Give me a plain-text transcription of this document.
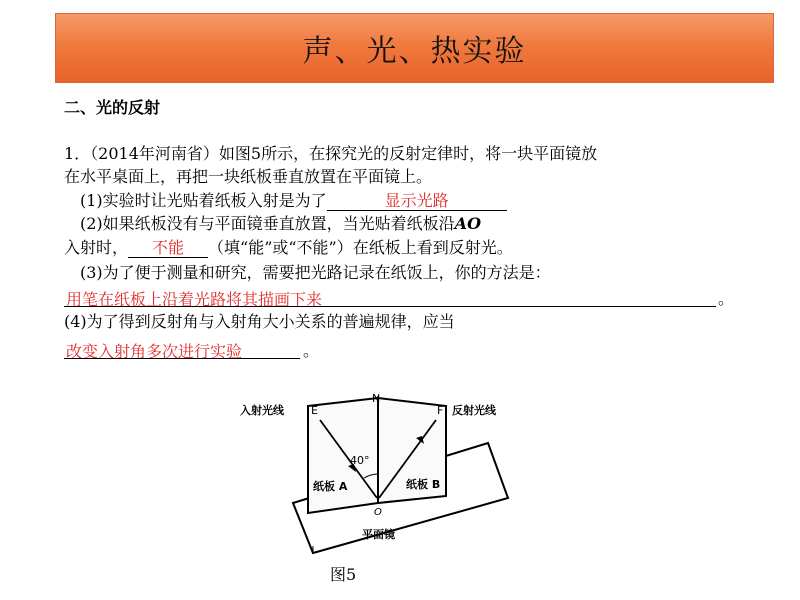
声、光、热实验
二、光的反射
1．（2014年河南省）如图5所示，在探究光的反射定律时，将一块平面镜放
在水平桌面上，再把一块纸板垂直放置在平面镜上。
(1)实验时让光贴着纸板入射是为了	显示光路
(2)如果纸板没有与平面镜垂直放置，当光贴着纸板沿AO
入射时， 不能 （填“能”或“不能”）在纸板上看到反射光。
(3)为了便于测量和研究，需要把光路记录在纸饭上，你的方法是：
用笔在纸板上沿着光路将其描画下来	。
(4)为了得到反射角与入射角大小关系的普遍规律，应当
改变入射角多次进行实验	。
入射光线 E
N
F 反射光线
40°
纸板 A	纸板 B
O
平面镜
图5
